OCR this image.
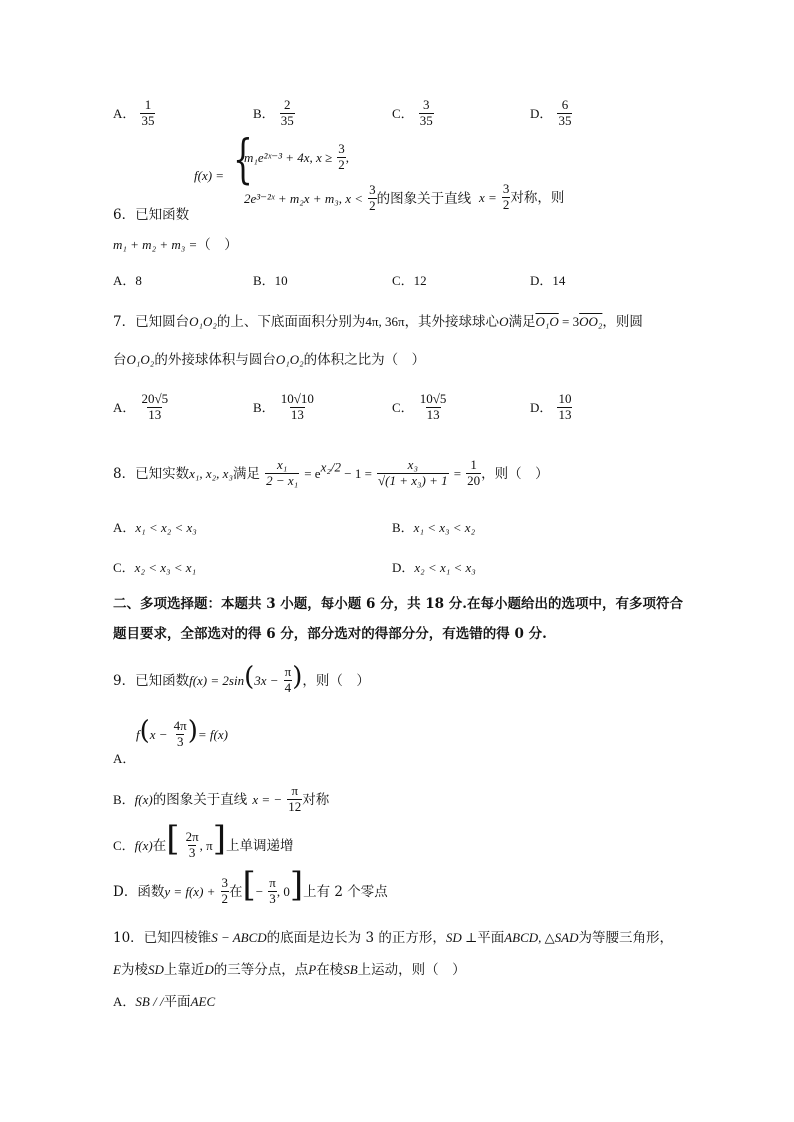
A． $\frac{1}{35}$	B． $\frac{2}{35}$	C． $\frac{3}{35}$	D． $\frac{6}{35}$
f(x) = {
m₁e²ˣ⁻³ + 4x, $x \ge \frac{3}{2}$ ,
2e³⁻²ˣ + m₂x + m₃, $x < \frac{3}{2}$ 的图象关于直线
6．已知函数
$x = \frac{3}{2}$ 对称，则
m₁ + m₂ + m₃ =（　）
A．8	B．10	C．12	D．14
7．已知圆台O₁O₂的上、下底面面积分别为4π, 36π，其外接球球心O满足O₁O = 3OO₂，则圆
台O₁O₂的外接球体积与圆台O₁O₂的体积之比为（　）
A． $\frac{20√5}{13}$	B． $\frac{10√10}{13}$	C． $\frac{10√5}{13}$	D． $\frac{10}{13}$
8．已知实数x₁, x₂, x₃满足 $\frac{\text{x₁}}{\text{2 − x₁}} = e^{x_2/2} - 1 = \frac{\text{x₃}}{\text{√(1 + x₃) + 1}} = \frac{1}{20}$ ，则（　）
A．x₁ < x₂ < x₃	B．x₁ < x₃ < x₂
C．x₂ < x₃ < x₁	D．x₂ < x₁ < x₃
二、多项选择题：本题共 3 小题，每小题 6 分，共 18 分.在每小题给出的选项中，有多项符合
题目要求，全部选对的得 6 分，部分选对的得部分分，有选错的得 0 分.
9．已知函数$f(x) = 2\sin(3x - \frac{\pi}{4}$ )，则（　）
$f(x - \frac{4\pi}{3}$ )= f(x)
A．
B．f(x)的图象关于直线 x = − $\frac{\pi}{12}$ 对称
C．f(x)在[ $\frac{2\pi}{3}$ , π]上单调递增
D．函数$y = f(x) + \frac{3}{2}$ 在[− $\frac{\pi}{3}$ , 0]上有 2 个零点
10．已知四棱锥S − ABCD的底面是边长为 3 的正方形，SD ⊥平面ABCD, △SAD为等腰三角形，
E为棱SD上靠近D的三等分点，点P在棱SB上运动，则（　）
A．SB / /平面AEC
